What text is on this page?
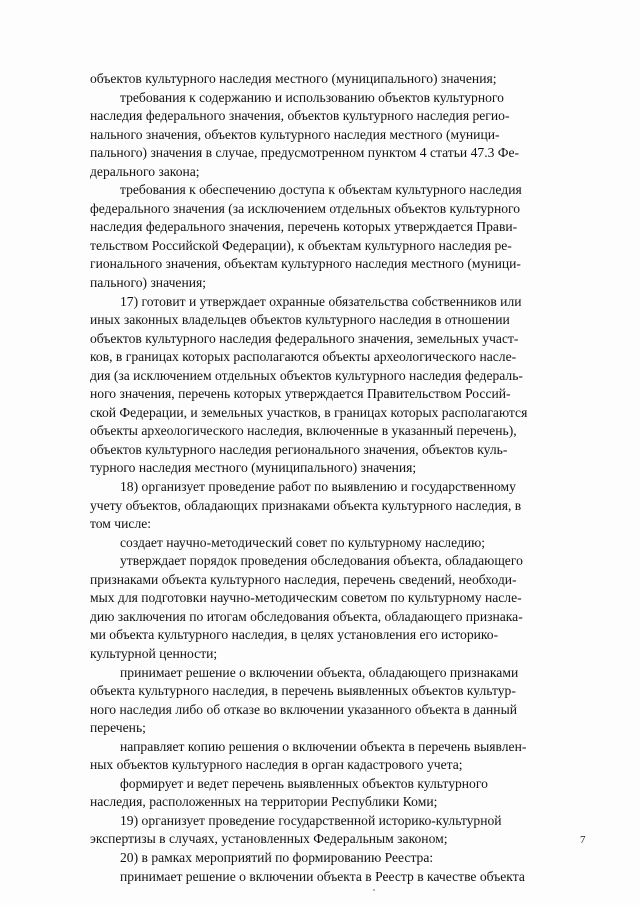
объектов культурного наследия местного (муниципального) значения;

требования к содержанию и использованию объектов культурного
наследия федерального значения, объектов культурного наследия регио-
нального значения, объектов культурного наследия местного (муници-
пального) значения в случае, предусмотренном пунктом 4 статьи 47.3 Фе-
дерального закона;

требования к обеспечению доступа к объектам культурного наследия
федерального значения (за исключением отдельных объектов культурного
наследия федерального значения, перечень которых утверждается Прави-
тельством Российской Федерации), к объектам культурного наследия ре-
гионального значения, объектам культурного наследия местного (муници-
пального) значения;

17) готовит и утверждает охранные обязательства собственников или
иных законных владельцев объектов культурного наследия в отношении
объектов культурного наследия федерального значения, земельных участ-
ков, в границах которых располагаются объекты археологического насле-
дия (за исключением отдельных объектов культурного наследия федераль-
ного значения, перечень которых утверждается Правительством Россий-
ской Федерации, и земельных участков, в границах которых располагаются
объекты археологического наследия, включенные в указанный перечень),
объектов культурного наследия регионального значения, объектов куль-
турного наследия местного (муниципального) значения;

18) организует проведение работ по выявлению и государственному
учету объектов, обладающих признаками объекта культурного наследия, в
том числе:

создает научно-методический совет по культурному наследию;

утверждает порядок проведения обследования объекта, обладающего
признаками объекта культурного наследия, перечень сведений, необходи-
мых для подготовки научно-методическим советом по культурному насле-
дию заключения по итогам обследования объекта, обладающего признака-
ми объекта культурного наследия, в целях установления его историко-
культурной ценности;

принимает решение о включении объекта, обладающего признаками
объекта культурного наследия, в перечень выявленных объектов культур-
ного наследия либо об отказе во включении указанного объекта в данный
перечень;

направляет копию решения о включении объекта в перечень выявлен-
ных объектов культурного наследия в орган кадастрового учета;

формирует и ведет перечень выявленных объектов культурного
наследия, расположенных на территории Республики Коми;

19) организует проведение государственной историко-культурной
экспертизы в случаях, установленных Федеральным законом;

20) в рамках мероприятий по формированию Реестра:

принимает решение о включении объекта в Реестр в качестве объекта

7
